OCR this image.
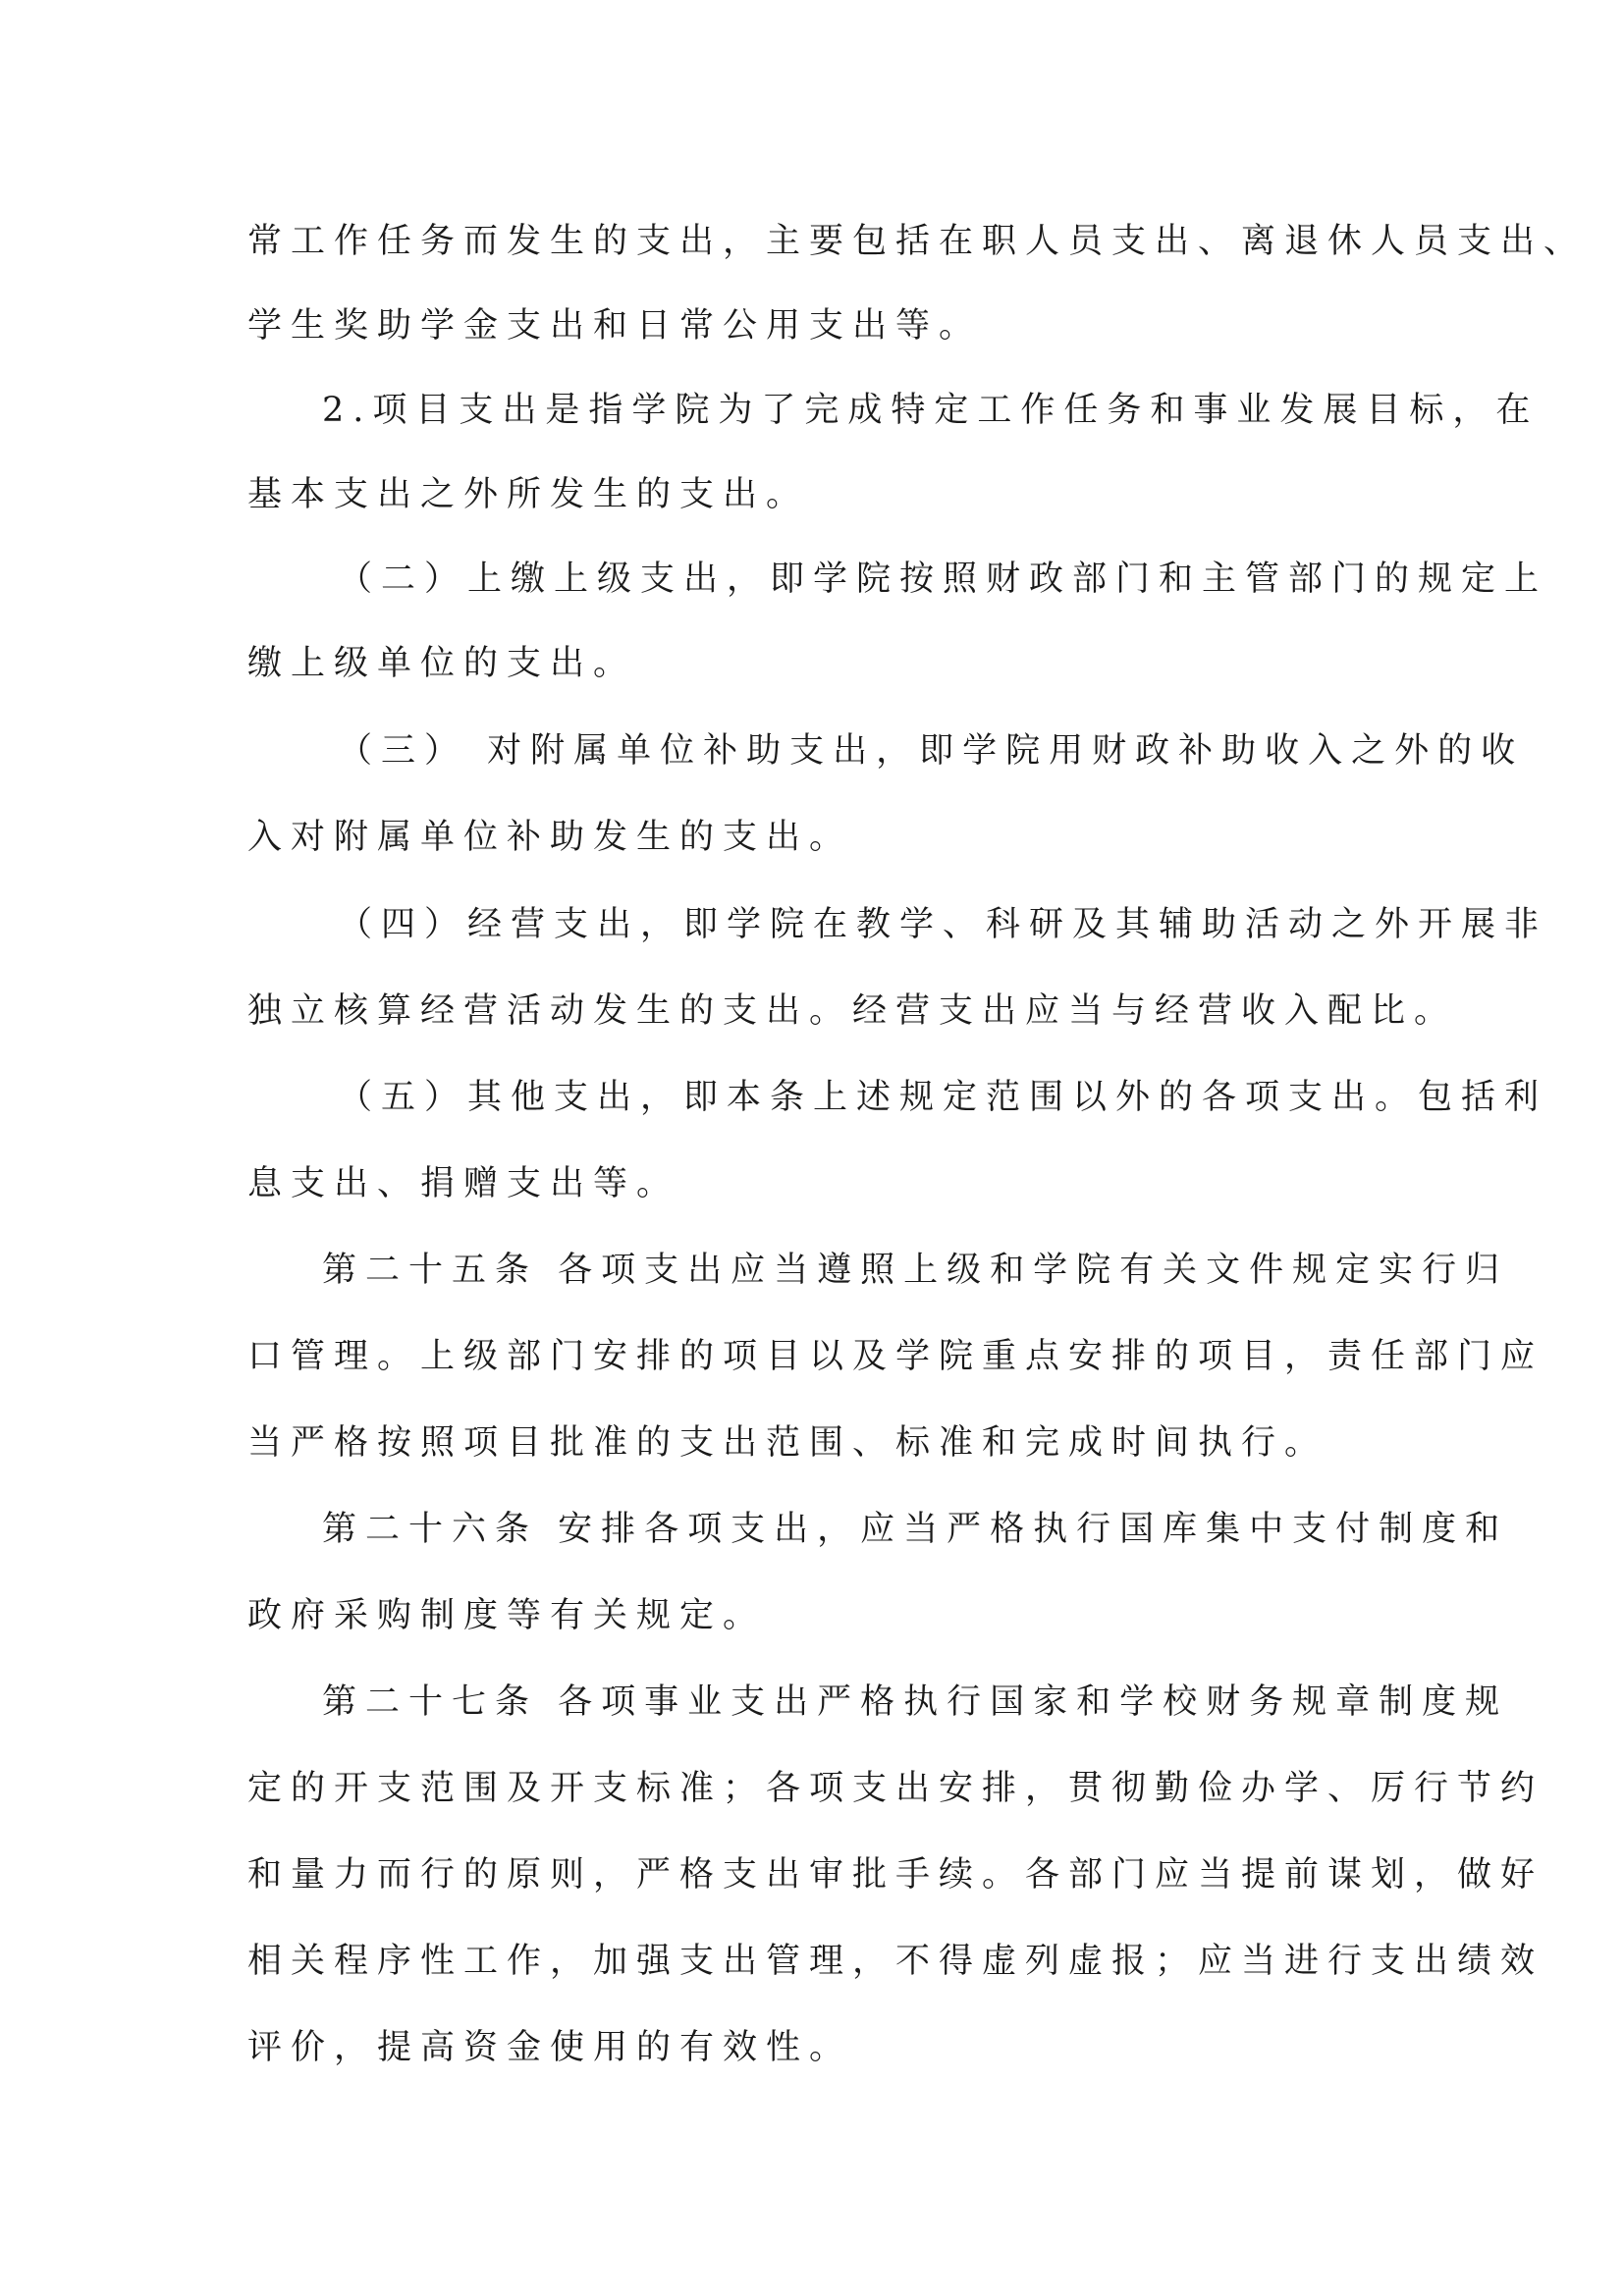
常工作任务而发生的支出，主要包括在职人员支出、离退休人员支出、
学生奖助学金支出和日常公用支出等。
2.项目支出是指学院为了完成特定工作任务和事业发展目标，在
基本支出之外所发生的支出。
（二）上缴上级支出，即学院按照财政部门和主管部门的规定上
缴上级单位的支出。
（三） 对附属单位补助支出，即学院用财政补助收入之外的收
入对附属单位补助发生的支出。
（四）经营支出，即学院在教学、科研及其辅助活动之外开展非
独立核算经营活动发生的支出。经营支出应当与经营收入配比。
（五）其他支出，即本条上述规定范围以外的各项支出。包括利
息支出、捐赠支出等。
第二十五条 各项支出应当遵照上级和学院有关文件规定实行归
口管理。上级部门安排的项目以及学院重点安排的项目，责任部门应
当严格按照项目批准的支出范围、标准和完成时间执行。
第二十六条 安排各项支出，应当严格执行国库集中支付制度和
政府采购制度等有关规定。
第二十七条 各项事业支出严格执行国家和学校财务规章制度规
定的开支范围及开支标准；各项支出安排，贯彻勤俭办学、厉行节约
和量力而行的原则，严格支出审批手续。各部门应当提前谋划，做好
相关程序性工作，加强支出管理，不得虚列虚报；应当进行支出绩效
评价，提高资金使用的有效性。
